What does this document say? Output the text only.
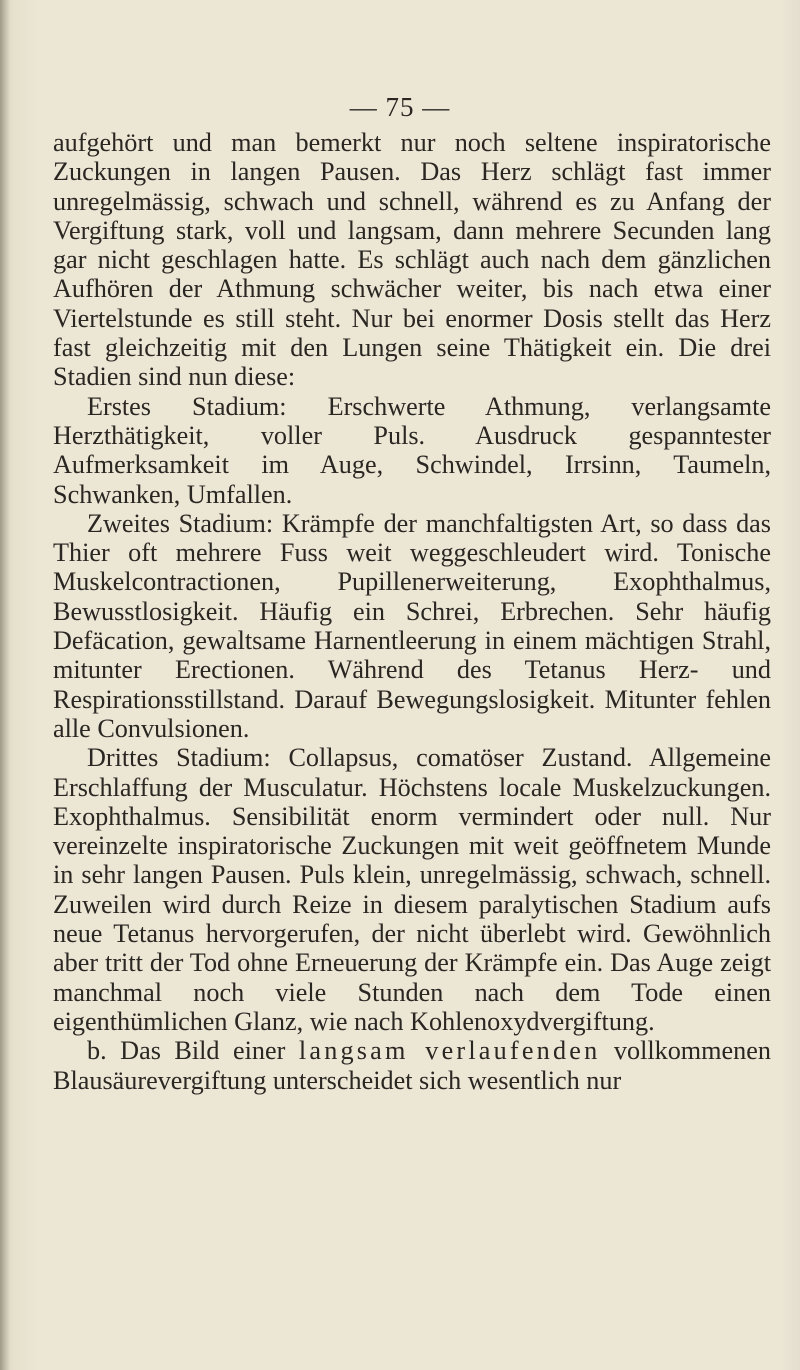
— 75 —

aufgehört und man bemerkt nur noch seltene inspiratorische Zuckungen in langen Pausen. Das Herz schlägt fast immer unregelmässig, schwach und schnell, während es zu Anfang der Vergiftung stark, voll und langsam, dann mehrere Secunden lang gar nicht geschlagen hatte. Es schlägt auch nach dem gänzlichen Aufhören der Athmung schwächer weiter, bis nach etwa einer Viertelstunde es still steht. Nur bei enormer Dosis stellt das Herz fast gleichzeitig mit den Lungen seine Thätigkeit ein. Die drei Stadien sind nun diese:

Erstes Stadium: Erschwerte Athmung, verlangsamte Herzthätigkeit, voller Puls. Ausdruck gespanntester Aufmerksamkeit im Auge, Schwindel, Irrsinn, Taumeln, Schwanken, Umfallen.

Zweites Stadium: Krämpfe der manchfaltigsten Art, so dass das Thier oft mehrere Fuss weit weggeschleudert wird. Tonische Muskelcontractionen, Pupillenerweiterung, Exophthalmus, Bewusstlosigkeit. Häufig ein Schrei, Erbrechen. Sehr häufig Defäcation, gewaltsame Harnentleerung in einem mächtigen Strahl, mitunter Erectionen. Während des Tetanus Herz- und Respirationsstillstand. Darauf Bewegungslosigkeit. Mitunter fehlen alle Convulsionen.

Drittes Stadium: Collapsus, comatöser Zustand. Allgemeine Erschlaffung der Musculatur. Höchstens locale Muskelzuckungen. Exophthalmus. Sensibilität enorm vermindert oder null. Nur vereinzelte inspiratorische Zuckungen mit weit geöffnetem Munde in sehr langen Pausen. Puls klein, unregelmässig, schwach, schnell. Zuweilen wird durch Reize in diesem paralytischen Stadium aufs neue Tetanus hervorgerufen, der nicht überlebt wird. Gewöhnlich aber tritt der Tod ohne Erneuerung der Krämpfe ein. Das Auge zeigt manchmal noch viele Stunden nach dem Tode einen eigenthümlichen Glanz, wie nach Kohlenoxydvergiftung.

b. Das Bild einer langsam verlaufenden vollkommenen Blausäurevergiftung unterscheidet sich wesentlich nur
